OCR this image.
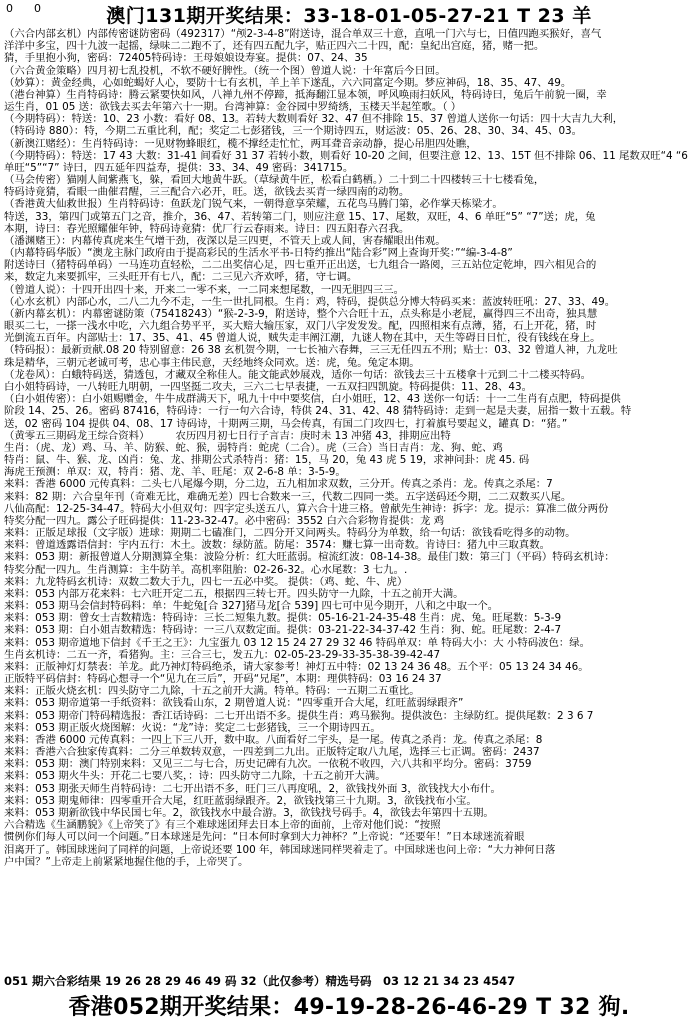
0 0	澳门131期开奖结果：33-18-01-05-27-21 T 23 羊
（六合内部玄机）内部传密谜防密码（492317）“颅2-3-4-8”附送诗，混合单双三十意，直吼一门六与七，日值四跑买猴好，喜气
洋洋中多宝，四十九波一起摇，绿味二二跑不了，还有四五配九字，贴正四六二十四，配：皇紀出宫庭，猪，赌一把。
猜，手里抱小狗，密码：72405特码诗：王母娘娘设寿宴。提供：07、24、35
（六合黄金策略）四月初七乱投机，不软不硬好脾性。（统一个图）曾道人说：十年富后今日回。
（妙算）：黄金经典，心如蛇蝎好人心，要防十七有玄机，羊上羊下遂乱，六六同富定今期。梦应神码，18、35、47、49。
（港台神算）生肖特码诗：腾云紧要快如风，八禅九州不停蹄，抵海翻江显本领，呼风唤雨扫妖风，特码诗曰，兔后午前貌一圈，幸
运生肖，01 05 送：欲钱去买去年第六十一期。台湾神算：金谷园中罗绮绣，玉楼天半起笙歌。（ ）
（今期特码）：特送：10、23 小数：看好 08、13。若转大数则看好 32、47 但不排除 15、37 曾道人送你一句话：四十大吉九大利，
（特码诗 880）：特，今期二五重比利，配；奖定二七彭猪钱，三一个期诗四五，财运波：05、26、28、30、34、45、03。
（新澳江赌经）：生肖特码诗：一见财物蜂眼红，榄不撑经走忙忙，两耳聋音亲动静，提心吊胆四处瞧，
（今期特码）：特送：17 43 大数：31-41 间看好 31 37 若转小数，则看好 10-20 之间，但要注意 12、13、15T 但不排除 06、11 尾数双旺“4 “6
单旺“5”“7” 诗曰，四五延年四益寿，提供：33、34、49 密码：341715。
（马会传密）猫刚人间紫燕飞，躲，看回大地黄牛跃。（草绿黄牛匠，松看白鹤栖。）二十到二十四楼转三十七楼看兔，
特码诗竟猜，看眼一曲催君醒，三三配合六必开，旺。送，欲钱去买青一绿四南的动物。
（香港黄大仙救世报）生肖特码诗：鱼跃龙门锐气来，一朝得意享荣耀，五花鸟马腾门第，必作掌天栋梁才。
特送，33，第四门或第五门之音，推介，36、47、若转第二门，则应注意 15、17、尾数，双旺，4、6 单旺“5” “7”送；虎，兔
本期，诗曰：春光照耀催年钟，特码诗竟猜：优厂行云春雨来。诗日：四五阳春六召我。
（潘渊赌王）：内幕传真虎来生气增干劲，夜深以是三四更，不管天上或人间，害春耀眼出伟观。
（内幕特码华版）“澳龙主脉门政府由于提高彩民的生活水平书-日特约推出“陆合彩”网上查询开奖：”“编-3-4-8”
附送诗曰（猪特码单码）一马连功直轻松，二二出奖信心足，四七重开正出送，七九组合一路阅，三五站位定乾坤，四六相见合的
来，数定九来要抓牢，三头旺开有七八，配：二三见六齐欢呼，猪，守七调。
（曾道人说）：十四开出四十来，开来二一零不来，一二同来想尾数，一四无胆四三三。
（心水玄机）内部心水，二八二九今不走，一生一世扎同根。生肖：鸡，特码，提供总分博大特码买来：蓝波转旺吼：27、33、49。
（新内幕玄机）：内幕密谜防策（75418243）“猴-2-3-9，附送诗，整个六合旺十五，点头称是小老屁，赢得四三不出奇，独具慧
眼买二七，一搽一浅水中吃，六九组合势平平，买大赔大输压家，双门八字发发发。配，四照相来有点薄，猪，石上开花，猪，时
光倒流五百年。内部贴士：17、35、41、45 曾道人说，贼失走丰阐江潮，九谜人物在其中，天生等碍日日忙，役有钱线在身上。
（特码报）：最新贡献.08 20 特别留意：26 38 玄机贺今期，一七长袖六春舞，三三无任四五不刑；贴士：03、32 曾道人神，九龙吐
珠是精华，三朝元老诚可考，忠心事主伟民意，天经地终众同欢。送：虎，兔。兔定本期。
（龙卷风）：白蛾特码送，猜透包，才藏双全称佳人。能文能武妙展戏，适你一句话：欲钱去三十五楼拿十元到二十二楼买特码。
白小姐特码诗，一八转旺九明朝，一四坚挺二攻夫，三六二七早表捷，一五双扫四凯旋。特码提供：11、28、43。
（白小姐传密）：白小姐赐赠金，牛牛成群满天下，吼九十中中要奖信，白小姐旺，12、43 送你一句话：十一二生肖有点肥，特码提供
阶段 14、25、26。密码 87416，特码诗：一行一句六合诗，特供 24、31、42、48 猜特码诗：走到一起是夫妻，屈指一数十五载。特
送，02 密码 104 提供 04、08、17 诗码诗，十期两三期，马会传真，有国二门攻四七，打着旗号要起义，罐真 D：“猪。”
（黄零五三期码龙王综合资料）　　　农历四月初七日行子言吉：庚时未 13 冲猪 43，排期应出特
生肖：（虎、龙）鸡、马、羊、防猴、蛇、猴，弱特肖：蛇虎（二合）。虎（三合）当日吉肖：龙、狗、蛇、鸡
特肖：鼠、牛、猴、龙、凶肖：兔、龙、排期公式杀特肖：猪：15，马 20，兔 43 虎 5 19，求神问卦：虎 45. 码
海虎王预测：单双：双，特肖：猪、龙、羊、旺尾：双 2-6-8 单：3-5-9。
来料：香港 6000 元传真料：二头七八尾爆今期，分二边，五九相加求双数，三分开。传真之杀肖：龙。传真之杀尾：7
来料：82 期：六合皇年刊（奇难无比，难确无差）四七合数来一三，代数二四同一类。五字送码还今期，二二双数买八尾。
八仙高配：12-25-34-47。特码大小但双句：四字定头送五八，算六合十进三格。曾献先生神诗：拆字：龙。提示：算准二做分两份
特奖分配一四九。露公子旺码提供：11-23-32-47。必中密码：3552 白六合彩物肯提供：龙 鸡
来料：正版足球报（文字版）进球：期期二七磕准门，二四分开又问两头。特码分为单数，给一句话：欲钱看吃得多的动物。
来料：曾道透露语信封：宇内五行：木土。波数：绿防蓝。防尾：3574：赚七算一出奇数。肯诗曰：猪九中三取真数。
来料：053 期：新报曾道人分期测算全集：波险分析：红大旺蓝弱。楦流红波：08-14-38。最佳门数：第三门（平码）特码玄机诗：
特奖分配一四九。生肖测算：主牛防羊。高机率阻胎：02-26-32。心水尾数：3 七九。.
来料：九龙特码玄机诗：双数二数大于九，四七一五必中奖。 提供：（鸡、蛇、牛、虎）
来料：053 内部万花来料：七六旺开定二五，根据四三转七开。四头防守一九除，十五之前开大满。
来料：053 期马会信封特码料：单：牛蛇兔[合 327]猪马龙[合 539] 四七可中见今期开，八和之中取一个。
来料：053 期：曾女士吉数精选：特码诗：三长二短集九数。提供：05-16-21-24-35-48 生肖：虎、兔。旺尾数：5-3-9
来料：053 期：白小姐吉数精选：特码诗：一三八双数定面。提供：03-21-22-34-37-42 生肖：狗、蛇。旺尾数：2-4-7
来料：053 期帝道地下信封《千王之王》：九宝蛋九 03 12 15 24 27 29 32 46 特码单双：单 特码大小：大 小特码波色：绿。
生肖玄机诗：二五一齐，看猪狗。主：三合三七，发五九：02-05-23-29-33-35-38-39-42-47
来料：正版神灯灯禁表：羊龙。此乃神灯特码绝杀，请大家参考！神灯五中特：02 13 24 36 48。五个平：05 13 24 34 46。
正版特平码信封：特码心想寻一个“见九在三后”，开码“兄尾”，本期：理供特码：03 16 24 37
来料：正版火烧玄机：四头防守二九除，十五之前开大满。特单。特码：一五期二五重比。
来料：053 期帝道第一手纸资料：欲钱看山东，2 期曾道人说：“四零重开合大尾，红旺蓝弱绿跟齐”
来料：053 期帝门特码精选报：香江话诗码：二七开出语不多。提供生肖：鸡马猴狗。提供波色：主绿防红。提供尾数：2 3 6 7
来料：053 期正版火烧图解：火说：“龙”诗：奖定二七彭猪钱，三一个期诗四五。
来料：香港 6000 元传真料：一四上下三八开，数中取。八面看好二宇头，是一尾。传真之杀肖：龙。传真之杀尾：8
来料：香港六合独家传真料：二分三单数转双意，一四差到二九出。正版特定取八九尾，选择三七正调。密码：2437
来料：053 期：澳门特别来料：又见三二与七合，历史记碑有九次。一依税不收四，六八共和平均分。密码：3759
来料：053 期火牛头：开花二七要八奖，：诗：四头防守二九除，十五之前开大满。
来料：053 期张天师生肖特码诗：二七开出语不多，旺门三八再度吼，2，欲钱找外面 3，欲钱找大小布什。
来料：053 期鬼师律：四零重开合大尾，红旺蓝弱绿跟齐。2，欲钱找第三十九期。3，欲钱找布小宝。
来料：053 期新欲钱中华民国七年。2，欲钱找水中最合游。3，欲钱找号码手。4，欲钱去年第四十五期。
六合精选《生涵鹏貌》《上帝笑了》有三个难球迷团拜去日本上帝的面前，上帝对他们说：“按照
惯例你们每人可以问一个问题。”日本球迷是先问：“日本何时拿到大力神杯？”上帝说：“还要年！”日本球迷流着眼
泪离开了。韩国球迷问了同样的问题，上帝说还要 100 年，韩国球迷同样哭着走了。中国球迷也问上帝：“大力神何日落
户中国？”上帝走上前紧紧地握住他的手，上帝哭了。
051 期六合彩结果 19 26 28 29 46 49 码 32（此仅参考）精选号码　03 12 21 34 23 4547
香港052期开奖结果：49-19-28-26-46-29 T 32 狗.
